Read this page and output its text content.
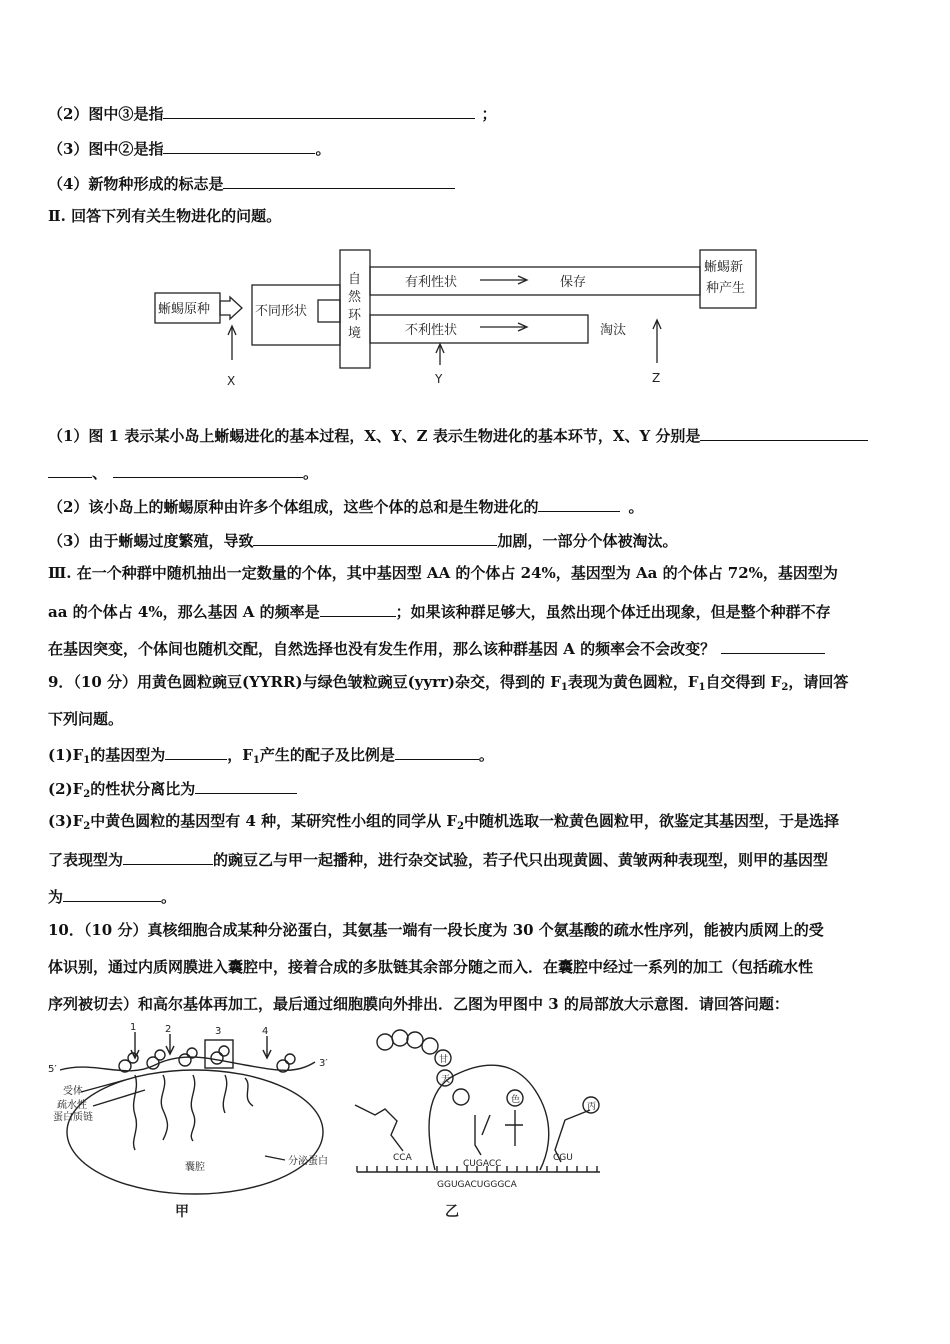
（2）图中③是指	；
（3）图中②是指	。
（4）新物种形成的标志是
Ⅱ. 回答下列有关生物进化的问题。
蜥蜴原种	不同形状
自
然
环
境
有利性状	保存
不利性状	淘汰
蜥蜴新
种产生
X	Y	Z
（1）图 1 表示某小岛上蜥蜴进化的基本过程，X、Y、Z 表示生物进化的基本环节，X、Y 分别是
、	。
（2）该小岛上的蜥蜴原种由许多个体组成，这些个体的总和是生物进化的	。
（3）由于蜥蜴过度繁殖，导致	加剧，一部分个体被淘汰。
Ⅲ. 在一个种群中随机抽出一定数量的个体，其中基因型 AA 的个体占 24%，基因型为 Aa 的个体占 72%，基因型为
aa 的个体占 4%，那么基因 A 的频率是	；如果该种群足够大，虽然出现个体迁出现象，但是整个种群不存
在基因突变，个体间也随机交配，自然选择也没有发生作用，那么该种群基因 A 的频率会不会改变？
9．（10 分）用黄色圆粒豌豆(YYRR)与绿色皱粒豌豆(yyrr)杂交，得到的 $F_1$表现为黄色圆粒，$F_1$自交得到 $F_2$，请回答
下列问题。
$(1)F_1$的基因型为	，$F_1$产生的配子及比例是	。
$(2)F_2$的性状分离比为
$(3)F_2$中黄色圆粒的基因型有 4 种，某研究性小组的同学从 $F_2$中随机选取一粒黄色圆粒甲，欲鉴定其基因型，于是选择
了表现型为	的豌豆乙与甲一起播种，进行杂交试验，若子代只出现黄圆、黄皱两种表现型，则甲的基因型
为	。
10．（10 分）真核细胞合成某种分泌蛋白，其氨基一端有一段长度为 30 个氨基酸的疏水性序列，能被内质网上的受
体识别，通过内质网膜进入囊腔中，接着合成的多肽链其余部分随之而入．在囊腔中经过一系列的加工（包括疏水性
序列被切去）和高尔基体再加工，最后通过细胞膜向外排出．乙图为甲图中 3 的局部放大示意图．请回答问题：
1	2	3	4
5′
3′
受体
疏水性
蛋白质链
囊腔
分泌蛋白
甘
天
色
丙
CCA
CUGACC
CGU
GGUGACUGGGCA
甲	乙
